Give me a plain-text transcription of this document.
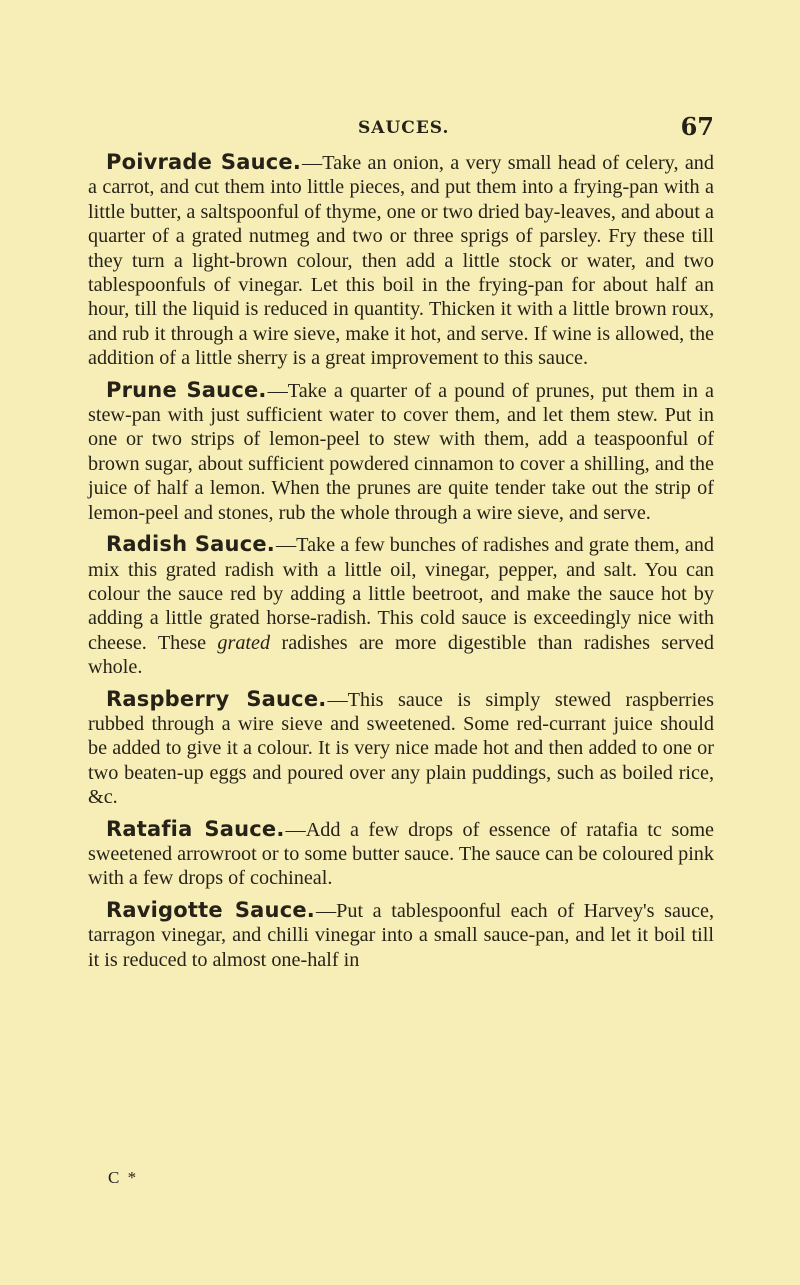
SAUCES.	67

Poivrade Sauce.—Take an onion, a very small head of celery, and a carrot, and cut them into little pieces, and put them into a frying-pan with a little butter, a saltspoonful of thyme, one or two dried bay-leaves, and about a quarter of a grated nutmeg and two or three sprigs of parsley. Fry these till they turn a light-brown colour, then add a little stock or water, and two tablespoonfuls of vinegar. Let this boil in the frying-pan for about half an hour, till the liquid is reduced in quantity. Thicken it with a little brown roux, and rub it through a wire sieve, make it hot, and serve. If wine is allowed, the addition of a little sherry is a great improvement to this sauce.

Prune Sauce.—Take a quarter of a pound of prunes, put them in a stew-pan with just sufficient water to cover them, and let them stew. Put in one or two strips of lemon-peel to stew with them, add a teaspoonful of brown sugar, about sufficient powdered cinnamon to cover a shilling, and the juice of half a lemon. When the prunes are quite tender take out the strip of lemon-peel and stones, rub the whole through a wire sieve, and serve.

Radish Sauce.—Take a few bunches of radishes and grate them, and mix this grated radish with a little oil, vinegar, pepper, and salt. You can colour the sauce red by adding a little beetroot, and make the sauce hot by adding a little grated horse-radish. This cold sauce is exceedingly nice with cheese. These grated radishes are more digestible than radishes served whole.

Raspberry Sauce.—This sauce is simply stewed raspberries rubbed through a wire sieve and sweetened. Some red-currant juice should be added to give it a colour. It is very nice made hot and then added to one or two beaten-up eggs and poured over any plain puddings, such as boiled rice, &c.

Ratafia Sauce.—Add a few drops of essence of ratafia tc some sweetened arrowroot or to some butter sauce. The sauce can be coloured pink with a few drops of cochineal.

Ravigotte Sauce.—Put a tablespoonful each of Harvey's sauce, tarragon vinegar, and chilli vinegar into a small sauce-pan, and let it boil till it is reduced to almost one-half in

C *
